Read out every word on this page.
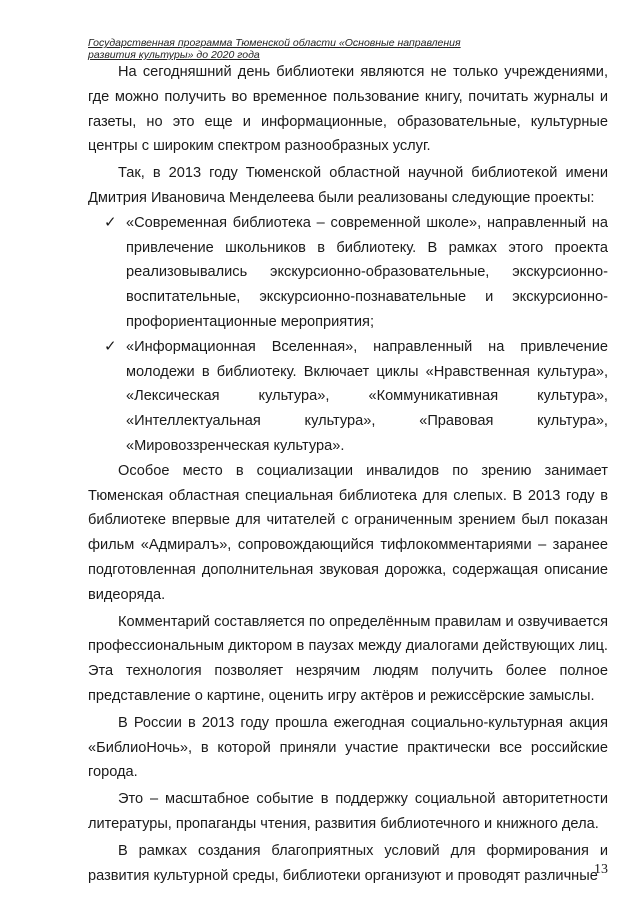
Государственная программа Тюменской области «Основные направления
развития культуры» до 2020 года

На сегодняшний день библиотеки являются не только учреждениями, где можно получить во временное пользование книгу, почитать журналы и газеты, но это еще и информационные, образовательные, культурные центры с широким спектром разнообразных услуг.

Так, в 2013 году Тюменской областной научной библиотекой имени Дмитрия Ивановича Менделеева были реализованы следующие проекты:

✓ «Современная библиотека – современной школе», направленный на привлечение школьников в библиотеку. В рамках этого проекта реализовывались экскурсионно-образовательные, экскурсионно-воспитательные, экскурсионно-познавательные и экскурсионно-профориентационные мероприятия;
✓ «Информационная Вселенная», направленный на привлечение молодежи в библиотеку. Включает циклы «Нравственная культура», «Лексическая культура», «Коммуникативная культура», «Интеллектуальная культура», «Правовая культура», «Мировоззренческая культура».

Особое место в социализации инвалидов по зрению занимает Тюменская областная специальная библиотека для слепых. В 2013 году в библиотеке впервые для читателей с ограниченным зрением был показан фильм «Адмиралъ», сопровождающийся тифлокомментариями – заранее подготовленная дополнительная звуковая дорожка, содержащая описание видеоряда.

Комментарий составляется по определённым правилам и озвучивается профессиональным диктором в паузах между диалогами действующих лиц. Эта технология позволяет незрячим людям получить более полное представление о картине, оценить игру актёров и режиссёрские замыслы.

В России в 2013 году прошла ежегодная социально-культурная акция «БиблиоНочь», в которой приняли участие практически все российские города.

Это – масштабное событие в поддержку социальной авторитетности литературы, пропаганды чтения, развития библиотечного и книжного дела.

В рамках создания благоприятных условий для формирования и развития культурной среды, библиотеки организуют и проводят различные

13
